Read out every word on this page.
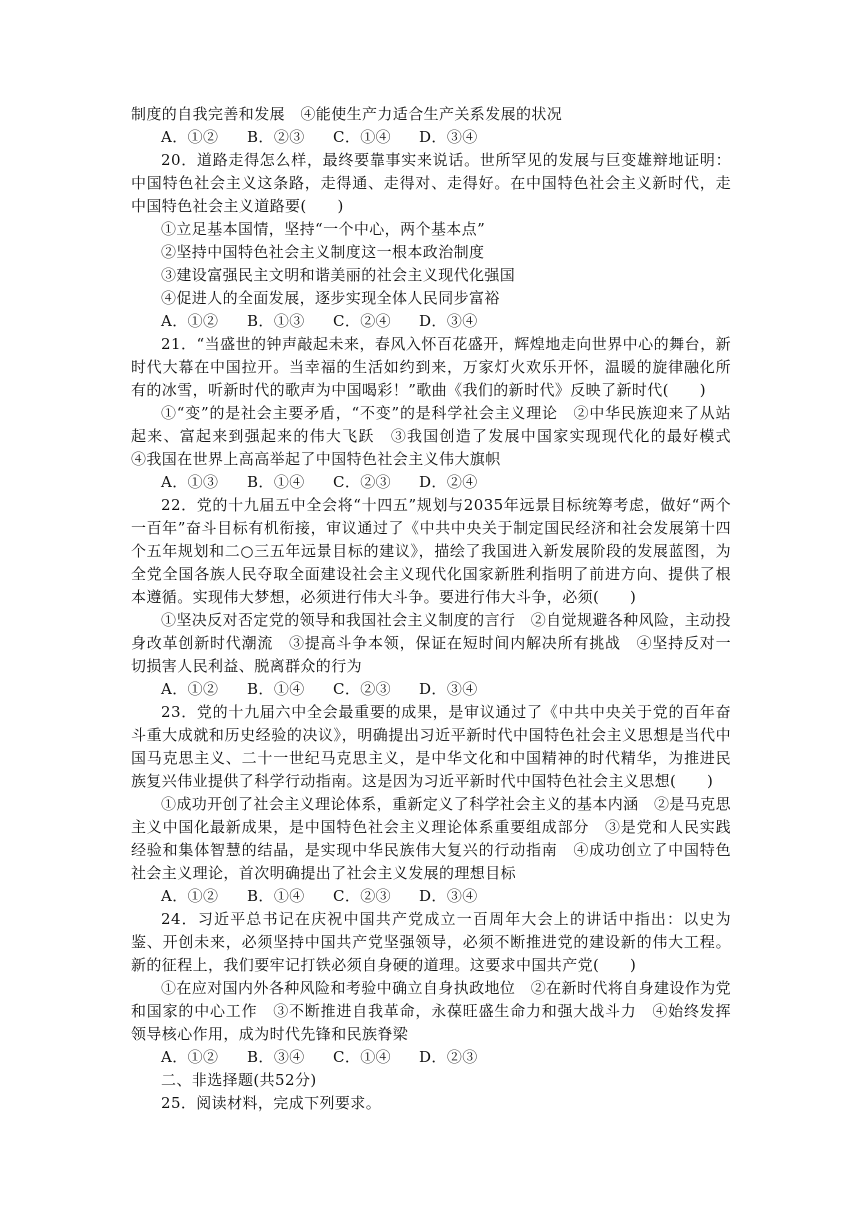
制度的自我完善和发展　④能使生产力适合生产关系发展的状况

A．①② B．②③ C．①④ D．③④

20．道路走得怎么样，最终要靠事实来说话。世所罕见的发展与巨变雄辩地证明：中国特色社会主义这条路，走得通、走得对、走得好。在中国特色社会主义新时代，走中国特色社会主义道路要(　　)

①立足基本国情，坚持“一个中心，两个基本点”

②坚持中国特色社会主义制度这一根本政治制度

③建设富强民主文明和谐美丽的社会主义现代化强国

④促进人的全面发展，逐步实现全体人民同步富裕

A．①② B．①③ C．②④ D．③④

21．“当盛世的钟声敲起未来，春风入怀百花盛开，辉煌地走向世界中心的舞台，新时代大幕在中国拉开。当幸福的生活如约到来，万家灯火欢乐开怀，温暖的旋律融化所有的冰雪，听新时代的歌声为中国喝彩！”歌曲《我们的新时代》反映了新时代(　　)

①“变”的是社会主要矛盾，“不变”的是科学社会主义理论　②中华民族迎来了从站起来、富起来到强起来的伟大飞跃　③我国创造了发展中国家实现现代化的最好模式　④我国在世界上高高举起了中国特色社会主义伟大旗帜

A．①③ B．①④ C．②③ D．②④

22．党的十九届五中全会将“十四五”规划与2035年远景目标统筹考虑，做好“两个一百年”奋斗目标有机衔接，审议通过了《中共中央关于制定国民经济和社会发展第十四个五年规划和二○三五年远景目标的建议》，描绘了我国进入新发展阶段的发展蓝图，为全党全国各族人民夺取全面建设社会主义现代化国家新胜利指明了前进方向、提供了根本遵循。实现伟大梦想，必须进行伟大斗争。要进行伟大斗争，必须(　　)

①坚决反对否定党的领导和我国社会主义制度的言行　②自觉规避各种风险，主动投身改革创新时代潮流　③提高斗争本领，保证在短时间内解决所有挑战　④坚持反对一切损害人民利益、脱离群众的行为

A．①② B．①④ C．②③ D．③④

23．党的十九届六中全会最重要的成果，是审议通过了《中共中央关于党的百年奋斗重大成就和历史经验的决议》，明确提出习近平新时代中国特色社会主义思想是当代中国马克思主义、二十一世纪马克思主义，是中华文化和中国精神的时代精华，为推进民族复兴伟业提供了科学行动指南。这是因为习近平新时代中国特色社会主义思想(　　)

①成功开创了社会主义理论体系，重新定义了科学社会主义的基本内涵　②是马克思主义中国化最新成果，是中国特色社会主义理论体系重要组成部分　③是党和人民实践经验和集体智慧的结晶，是实现中华民族伟大复兴的行动指南　④成功创立了中国特色社会主义理论，首次明确提出了社会主义发展的理想目标

A．①② B．①④ C．②③ D．③④

24．习近平总书记在庆祝中国共产党成立一百周年大会上的讲话中指出：以史为鉴、开创未来，必须坚持中国共产党坚强领导，必须不断推进党的建设新的伟大工程。新的征程上，我们要牢记打铁必须自身硬的道理。这要求中国共产党(　　)

①在应对国内外各种风险和考验中确立自身执政地位　②在新时代将自身建设作为党和国家的中心工作　③不断推进自我革命，永葆旺盛生命力和强大战斗力　④始终发挥领导核心作用，成为时代先锋和民族脊梁

A．①② B．③④ C．①④ D．②③

二、非选择题(共52分)

25．阅读材料，完成下列要求。
